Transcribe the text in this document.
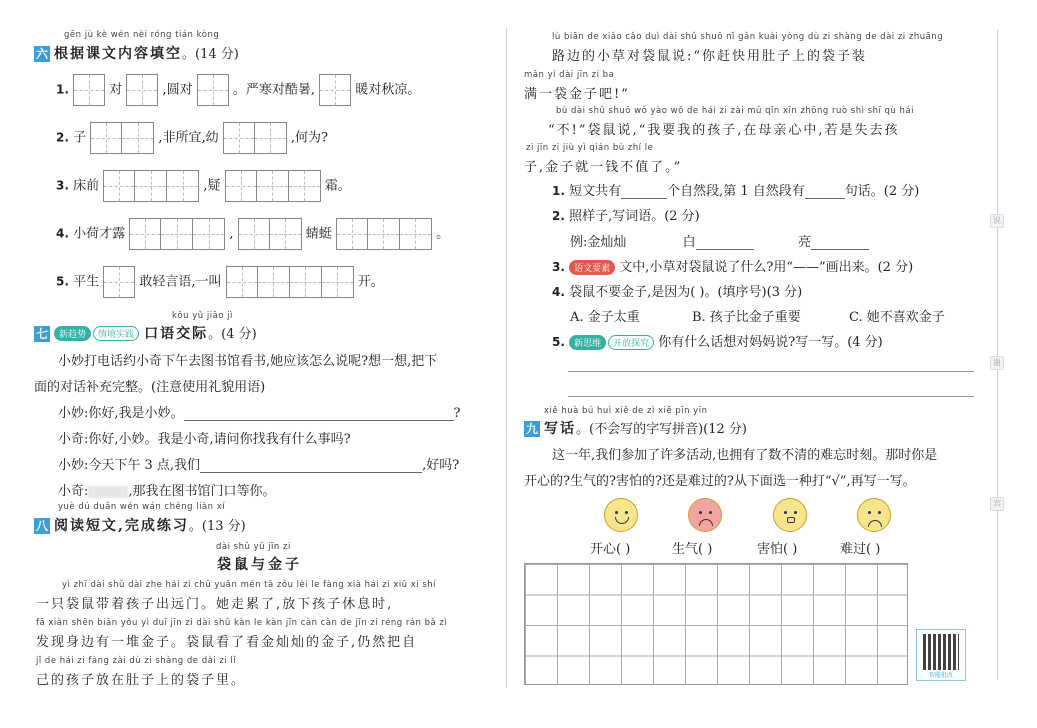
说
谢
宾
gēn jù kè wén nèi róng tián kòng
六 根据课文内容填空。(14 分)
1.	对	,圆对	。严寒对酷暑,	暖对秋凉。
2. 子	,非所宜,幼	,何为?
3. 床前	,疑	霜。
4. 小荷才露	,	蜻蜓	。
5. 平生	敢轻言语,一叫	开。
kǒu yǔ jiāo jì
七 新趋势 情境实践 口语交际。(4 分)
小妙打电话约小奇下午去图书馆看书,她应该怎么说呢?想一想,把下
面的对话补充完整。(注意使用礼貌用语)
小妙:你好,我是小妙。	?
小奇:你好,小妙。我是小奇,请问你找我有什么事吗?
小妙:今天下午 3 点,我们	,好吗?
小奇:	,那我在图书馆门口等你。
yuè dú duǎn wén wán chéng liàn xí
八 阅读短文,完成练习。(13 分)
dài shǔ yǔ jīn zi
袋鼠与金子
yì zhī dài shǔ dài zhe hái zi chū yuǎn mén tā zǒu lèi le fàng xià hái zi xiū xi shí
一只袋鼠带着孩子出远门。她走累了,放下孩子休息时,
fā xiàn shēn biān yǒu yì duī jīn zi dài shǔ kàn le kàn jīn càn càn de jīn zi réng rán bǎ zì
发现身边有一堆金子。袋鼠看了看金灿灿的金子,仍然把自
jǐ de hái zi fàng zài dù zi shàng de dài zi lǐ
己的孩子放在肚子上的袋子里。
lù biān de xiǎo cǎo duì dài shǔ shuō nǐ gǎn kuài yòng dù zi shàng de dài zi zhuāng
路边的小草对袋鼠说:“你赶快用肚子上的袋子装
mǎn yí dài jīn zi ba
满一袋金子吧!”
bù dài shǔ shuō wǒ yào wǒ de hái zi zài mǔ qīn xīn zhōng ruò shì shī qù hái
“不!”袋鼠说,“我要我的孩子,在母亲心中,若是失去孩
zi jīn zi jiù yì qián bù zhí le
子,金子就一钱不值了。”
1. 短文共有	个自然段,第 1 自然段有	句话。(2 分)
2. 照样子,写词语。(2 分)
例:金灿灿	白	亮
3. 语文要素 文中,小草对袋鼠说了什么?用“——”画出来。(2 分)
4. 袋鼠不要金子,是因为( )。(填序号)(3 分)
A. 金子太重	B. 孩子比金子重要	C. 她不喜欢金子
5. 新思维 开放探究 你有什么话想对妈妈说?写一写。(4 分)
xiě huà bú huì xiě de zì xiě pīn yīn
九 写话。(不会写的字写拼音)(12 分)
这一年,我们参加了许多活动,也拥有了数不清的难忘时刻。那时你是
开心的?生气的?害怕的?还是难过的?从下面选一种打“√”,再写一写。
开心( )	生气( )	害怕( )	难过( )
智能批改
